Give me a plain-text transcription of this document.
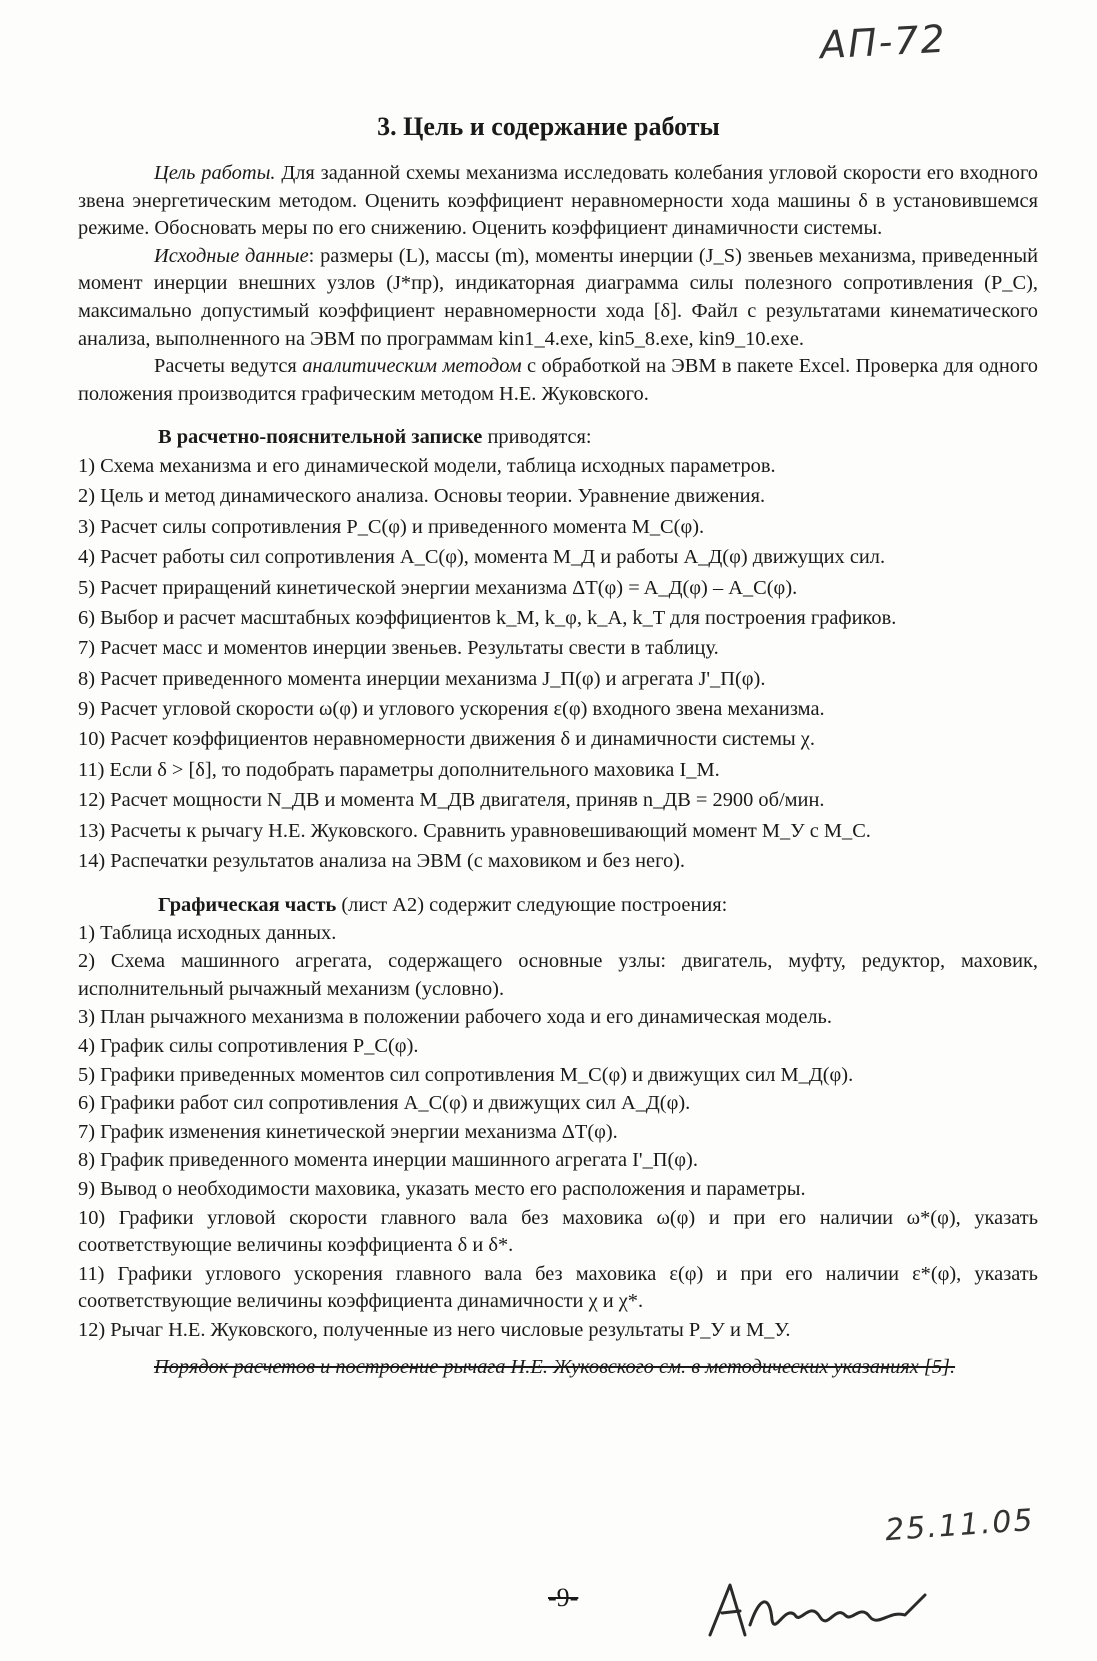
АП-72
3. Цель и содержание работы

Цель работы. Для заданной схемы механизма исследовать колебания угловой скорости его входного звена энергетическим методом. Оценить коэффициент неравномерности хода машины δ в установившемся режиме. Обосновать меры по его снижению. Оценить коэффициент динамичности системы.

Исходные данные: размеры (L), массы (m), моменты инерции (J_S) звеньев механизма, приведенный момент инерции внешних узлов (J*пр), индикаторная диаграмма силы полезного сопротивления (P_C), максимально допустимый коэффициент неравномерности хода [δ]. Файл с результатами кинематического анализа, выполненного на ЭВМ по программам kin1_4.exe, kin5_8.exe, kin9_10.exe.

Расчеты ведутся аналитическим методом с обработкой на ЭВМ в пакете Excel. Проверка для одного положения производится графическим методом Н.Е. Жуковского.

В расчетно-пояснительной записке приводятся:

1) Схема механизма и его динамической модели, таблица исходных параметров.
2) Цель и метод динамического анализа. Основы теории. Уравнение движения.
3) Расчет силы сопротивления P_C(φ) и приведенного момента M_C(φ).
4) Расчет работы сил сопротивления A_C(φ), момента M_Д и работы A_Д(φ) движущих сил.
5) Расчет приращений кинетической энергии механизма ΔT(φ) = A_Д(φ) – A_C(φ).
6) Выбор и расчет масштабных коэффициентов k_M, k_φ, k_A, k_T для построения графиков.
7) Расчет масс и моментов инерции звеньев. Результаты свести в таблицу.
8) Расчет приведенного момента инерции механизма J_П(φ) и агрегата J'_П(φ).
9) Расчет угловой скорости ω(φ) и углового ускорения ε(φ) входного звена механизма.
10) Расчет коэффициентов неравномерности движения δ и динамичности системы χ.
11) Если δ > [δ], то подобрать параметры дополнительного маховика I_M.
12) Расчет мощности N_ДВ и момента M_ДВ двигателя, приняв n_ДВ = 2900 об/мин.
13) Расчеты к рычагу Н.Е. Жуковского. Сравнить уравновешивающий момент M_У с M_C.
14) Распечатки результатов анализа на ЭВМ (с маховиком и без него).

Графическая часть (лист А2) содержит следующие построения:

1) Таблица исходных данных.
2) Схема машинного агрегата, содержащего основные узлы: двигатель, муфту, редуктор, маховик, исполнительный рычажный механизм (условно).
3) План рычажного механизма в положении рабочего хода и его динамическая модель.
4) График силы сопротивления P_C(φ).
5) Графики приведенных моментов сил сопротивления M_C(φ) и движущих сил M_Д(φ).
6) Графики работ сил сопротивления A_C(φ) и движущих сил A_Д(φ).
7) График изменения кинетической энергии механизма ΔT(φ).
8) График приведенного момента инерции машинного агрегата I'_П(φ).
9) Вывод о необходимости маховика, указать место его расположения и параметры.
10) Графики угловой скорости главного вала без маховика ω(φ) и при его наличии ω*(φ), указать соответствующие величины коэффициента δ и δ*.
11) Графики углового ускорения главного вала без маховика ε(φ) и при его наличии ε*(φ), указать соответствующие величины коэффициента динамичности χ и χ*.
12) Рычаг Н.Е. Жуковского, полученные из него числовые результаты P_У и M_У.

Порядок расчетов и построение рычага Н.Е. Жуковского см. в методических указаниях [5].

25.11.05
-9-
